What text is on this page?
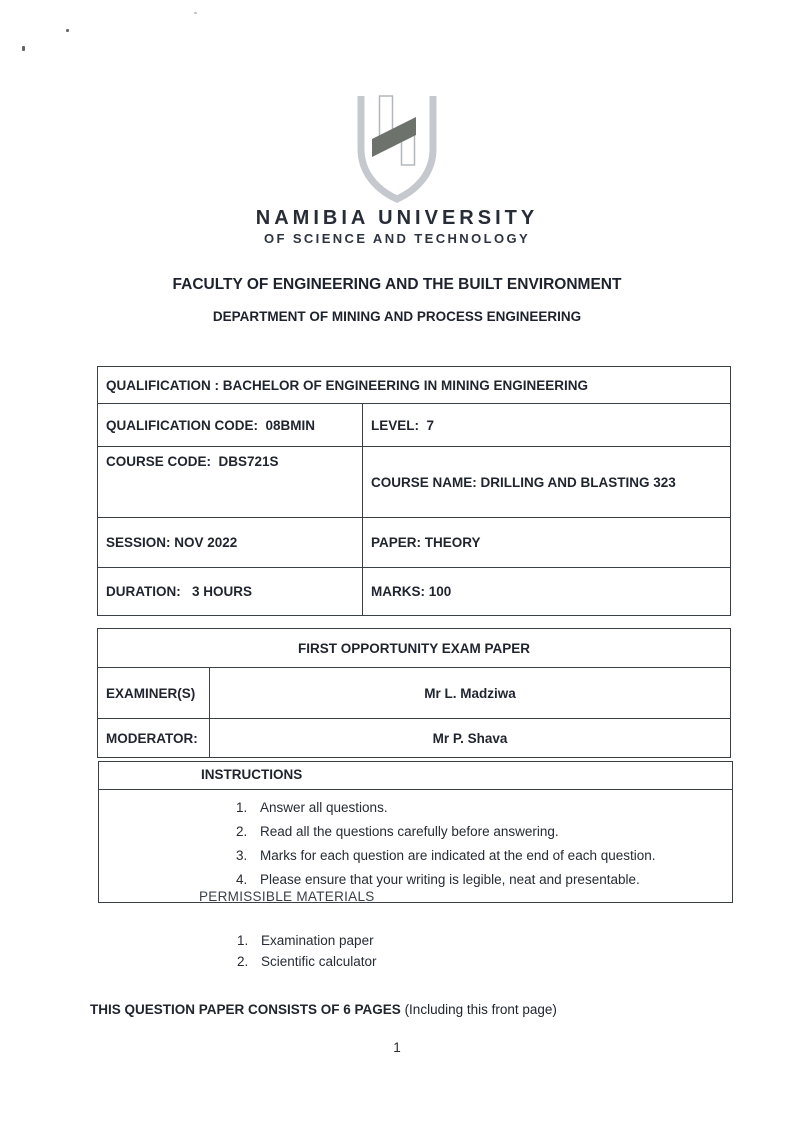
NAMIBIA UNIVERSITY
OF SCIENCE AND TECHNOLOGY
FACULTY OF ENGINEERING AND THE BUILT ENVIRONMENT
DEPARTMENT OF MINING AND PROCESS ENGINEERING
QUALIFICATION : BACHELOR OF ENGINEERING IN MINING ENGINEERING	
QUALIFICATION CODE:  08BMIN	LEVEL:  7
COURSE CODE:  DBS721S	COURSE NAME: DRILLING AND BLASTING 323
SESSION: NOV 2022	PAPER: THEORY
DURATION:   3 HOURS	MARKS: 100
FIRST OPPORTUNITY EXAM PAPER	
EXAMINER(S)	Mr L. Madziwa
MODERATOR:	Mr P. Shava
INSTRUCTIONS
1. Answer all questions.
2. Read all the questions carefully before answering.
3. Marks for each question are indicated at the end of each question.
4. Please ensure that your writing is legible, neat and presentable.
PERMISSIBLE MATERIALS
1. Examination paper
2. Scientific calculator
THIS QUESTION PAPER CONSISTS OF 6 PAGES (Including this front page)
1
